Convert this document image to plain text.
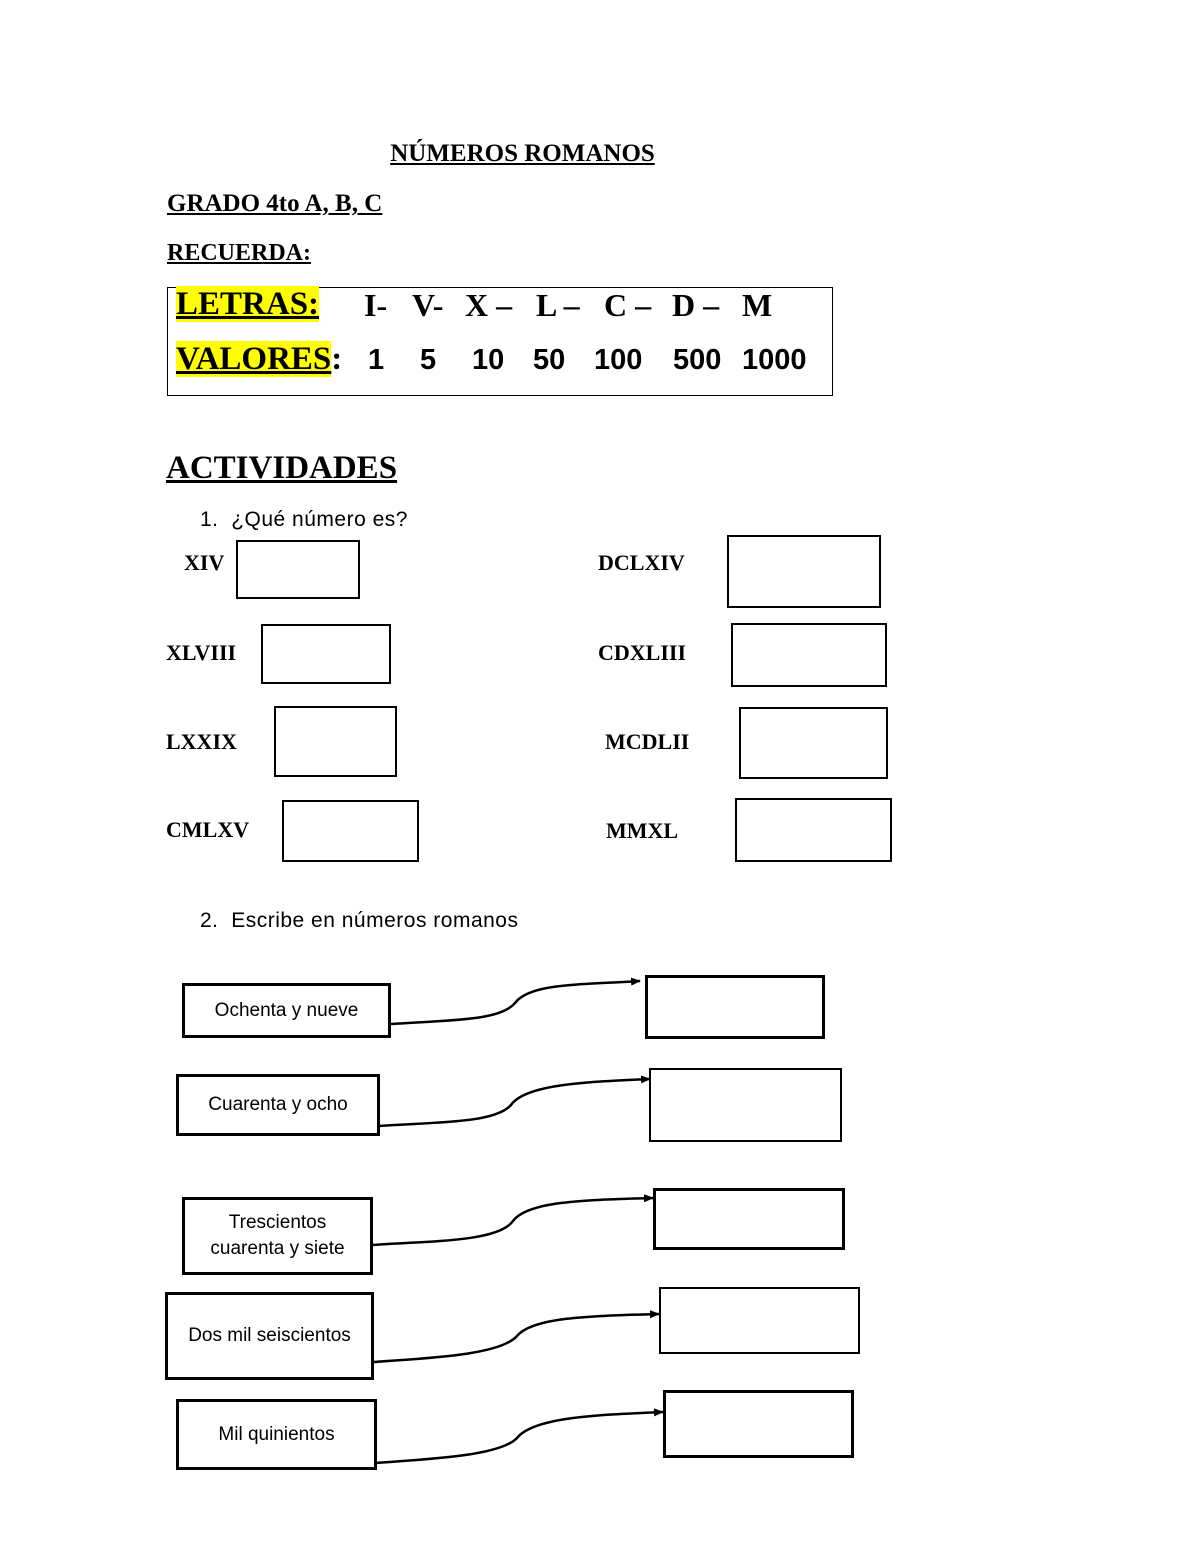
NÚMEROS ROMANOS
GRADO 4to A, B, C
RECUERDA:
LETRAS: I- V- X – L – C – D – M
VALORES: 1 5 10 50 100 500 1000
ACTIVIDADES
1. ¿Qué número es?
XIV
XLVIII
LXXIX
CMLXV
DCLXIV
CDXLIII
MCDLII
MMXL
2. Escribe en números romanos
Ochenta y nueve
Cuarenta y ocho
Trescientos cuarenta y siete
Dos mil seiscientos
Mil quinientos
